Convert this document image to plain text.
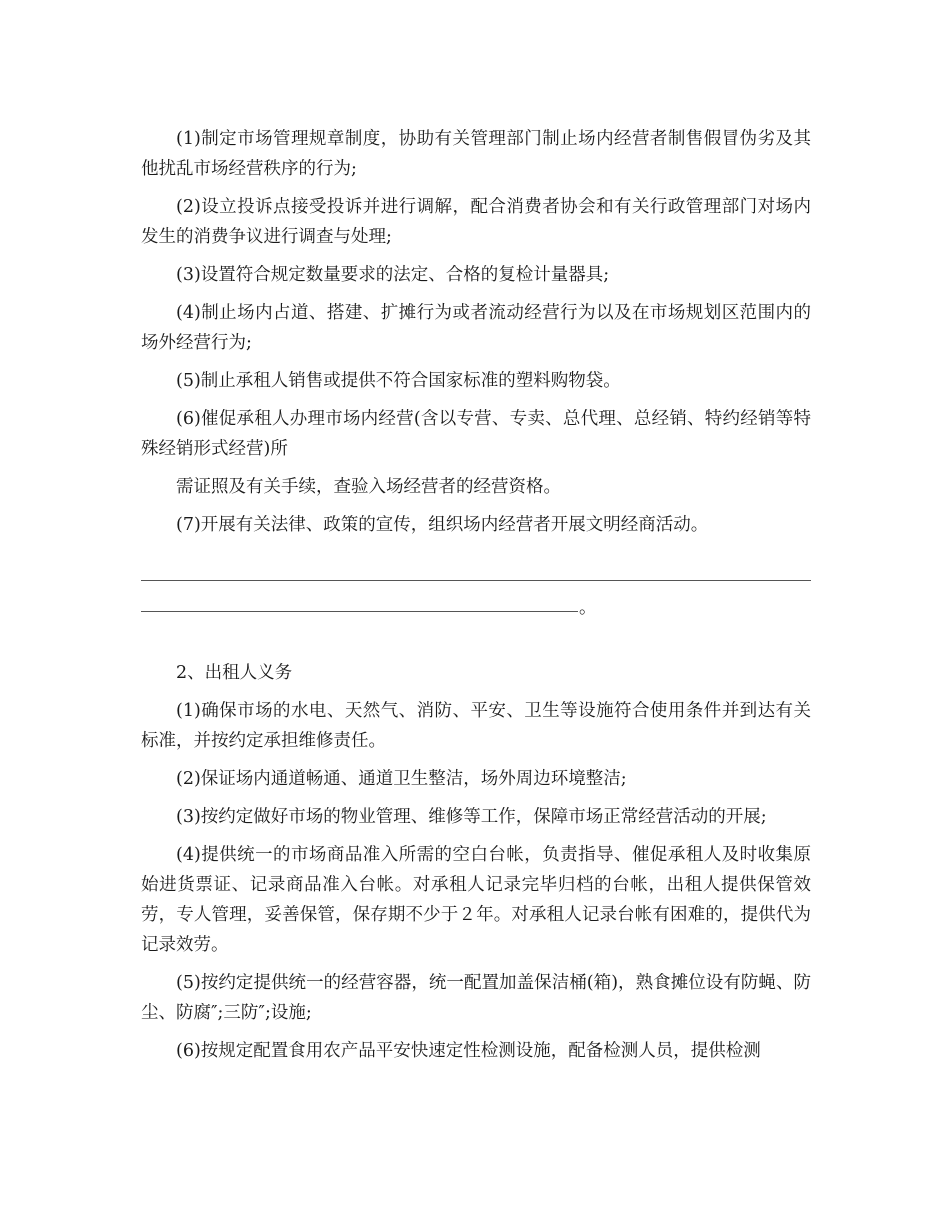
(1)制定市场管理规章制度，协助有关管理部门制止场内经营者制售假冒伪劣及其他扰乱市场经营秩序的行为;

(2)设立投诉点接受投诉并进行调解，配合消费者协会和有关行政管理部门对场内发生的消费争议进行调查与处理;

(3)设置符合规定数量要求的法定、合格的复检计量器具;

(4)制止场内占道、搭建、扩摊行为或者流动经营行为以及在市场规划区范围内的场外经营行为;

(5)制止承租人销售或提供不符合国家标准的塑料购物袋。

(6)催促承租人办理市场内经营(含以专营、专卖、总代理、总经销、特约经销等特殊经销形式经营)所

需证照及有关手续，查验入场经营者的经营资格。

(7)开展有关法律、政策的宣传，组织场内经营者开展文明经商活动。

。

2、出租人义务

(1)确保市场的水电、天然气、消防、平安、卫生等设施符合使用条件并到达有关标准，并按约定承担维修责任。

(2)保证场内通道畅通、通道卫生整洁，场外周边环境整洁;

(3)按约定做好市场的物业管理、维修等工作，保障市场正常经营活动的开展;

(4)提供统一的市场商品准入所需的空白台帐，负责指导、催促承租人及时收集原始进货票证、记录商品准入台帐。对承租人记录完毕归档的台帐，出租人提供保管效劳，专人管理，妥善保管，保存期不少于２年。对承租人记录台帐有困难的，提供代为记录效劳。

(5)按约定提供统一的经营容器，统一配置加盖保洁桶(箱)，熟食摊位设有防蝇、防尘、防腐″;三防″;设施;

(6)按规定配置食用农产品平安快速定性检测设施，配备检测人员，提供检测
